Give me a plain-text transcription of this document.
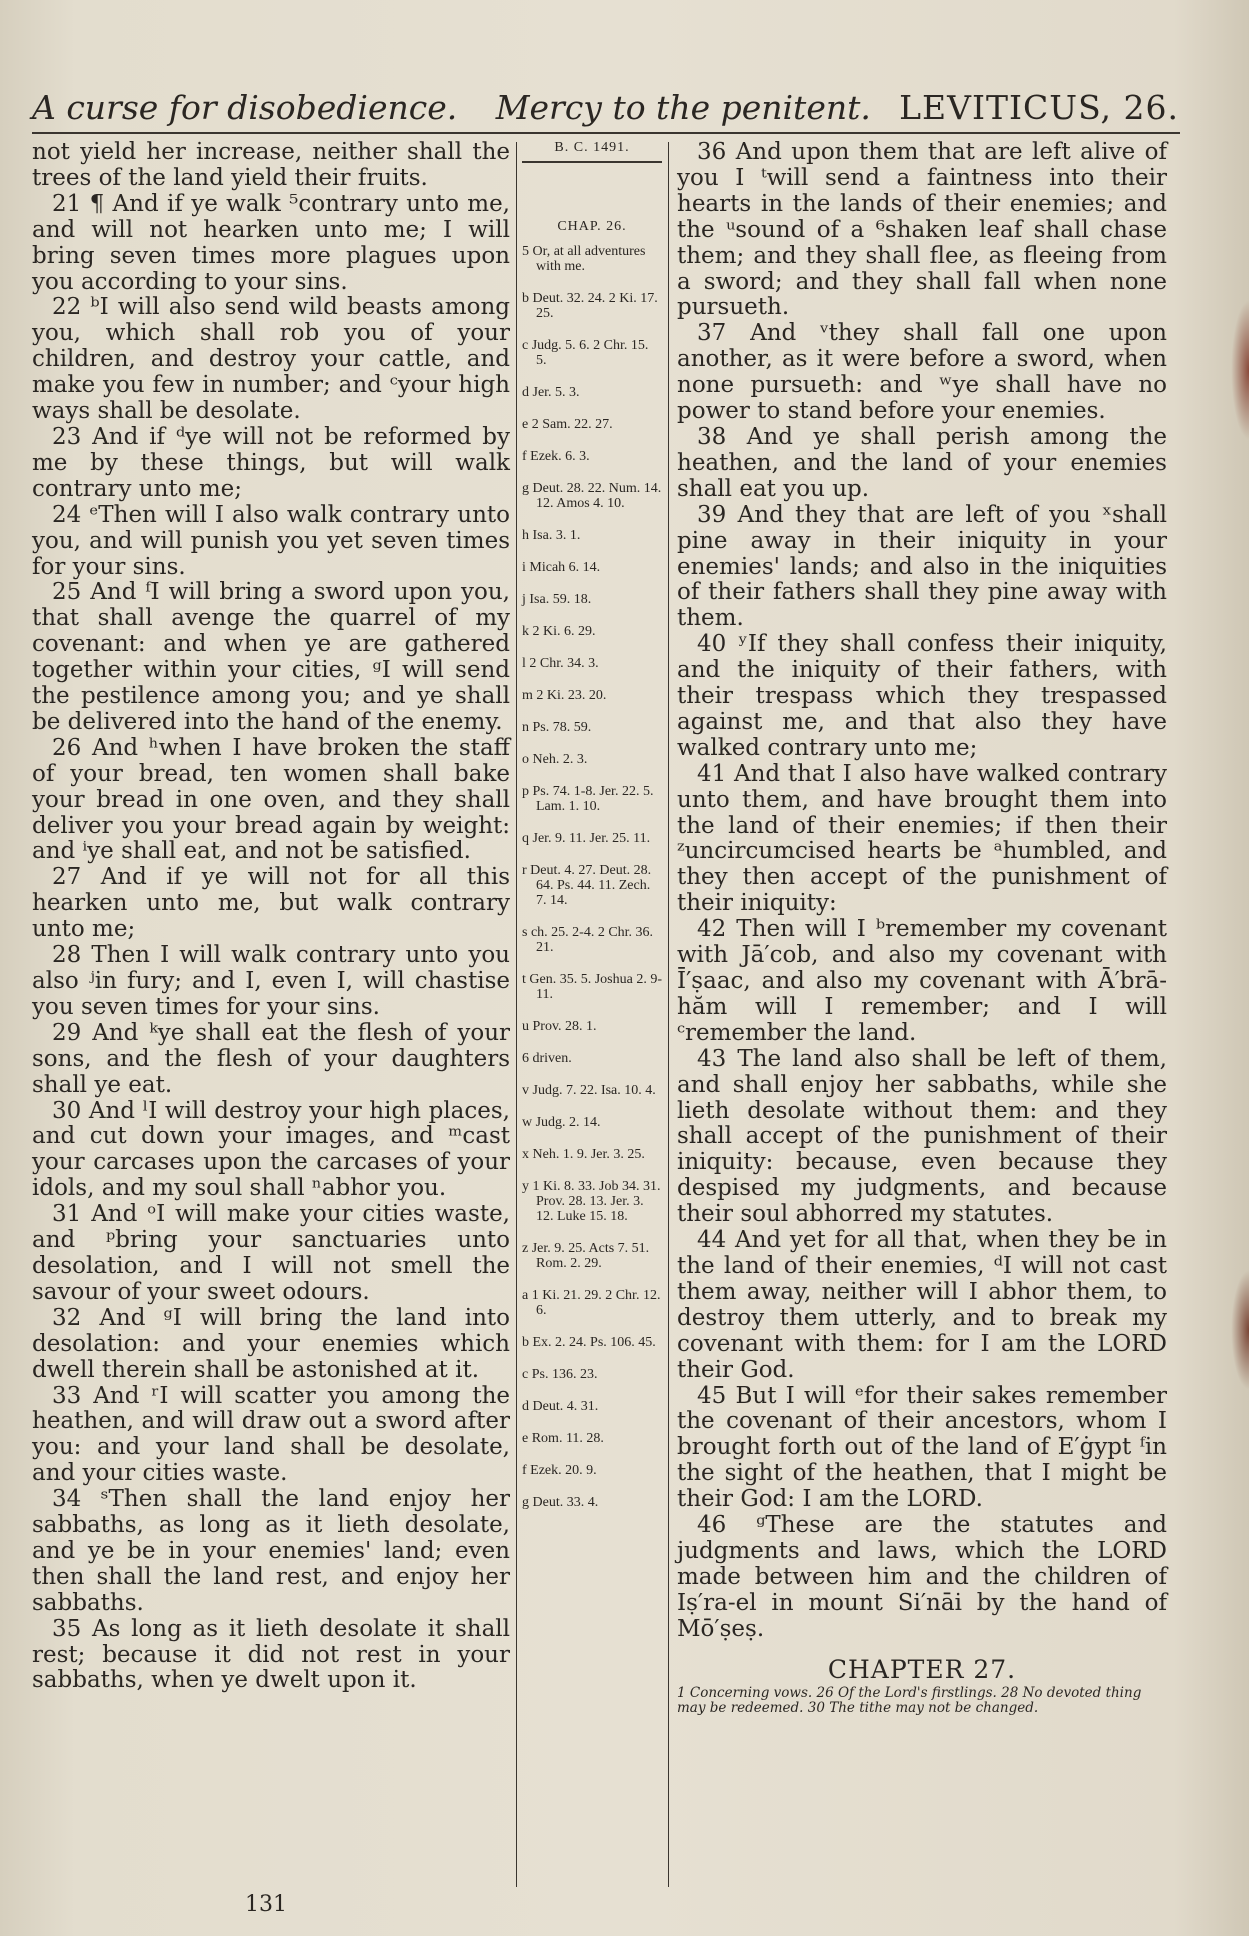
A curse for disobedience. Mercy to the penitent. LEVITICUS, 26.

not yield her increase, neither shall the trees of the land yield their fruits.

21 ¶ And if ye walk ⁵contrary unto me, and will not hearken unto me; I will bring seven times more plagues upon you according to your sins.

22 ᵇI will also send wild beasts among you, which shall rob you of your children, and destroy your cattle, and make you few in number; and ᶜyour high ways shall be desolate.

23 And if ᵈye will not be reformed by me by these things, but will walk contrary unto me;

24 ᵉThen will I also walk contrary unto you, and will punish you yet seven times for your sins.

25 And ᶠI will bring a sword upon you, that shall avenge the quarrel of my covenant: and when ye are gathered together within your cities, ᵍI will send the pestilence among you; and ye shall be delivered into the hand of the enemy.

26 And ʰwhen I have broken the staff of your bread, ten women shall bake your bread in one oven, and they shall deliver you your bread again by weight: and ⁱye shall eat, and not be satisfied.

27 And if ye will not for all this hearken unto me, but walk contrary unto me;

28 Then I will walk contrary unto you also ʲin fury; and I, even I, will chastise you seven times for your sins.

29 And ᵏye shall eat the flesh of your sons, and the flesh of your daughters shall ye eat.

30 And ˡI will destroy your high places, and cut down your images, and ᵐcast your carcases upon the carcases of your idols, and my soul shall ⁿabhor you.

31 And ᵒI will make your cities waste, and ᵖbring your sanctuaries unto desolation, and I will not smell the savour of your sweet odours.

32 And ᵍI will bring the land into desolation: and your enemies which dwell therein shall be astonished at it.

33 And ʳI will scatter you among the heathen, and will draw out a sword after you: and your land shall be desolate, and your cities waste.

34 ˢThen shall the land enjoy her sabbaths, as long as it lieth desolate, and ye be in your enemies' land; even then shall the land rest, and enjoy her sabbaths.

35 As long as it lieth desolate it shall rest; because it did not rest in your sabbaths, when ye dwelt upon it.

B. C. 1491.
CHAP. 26.
5 Or, at all adventures with me.
b Deut. 32. 24. 2 Ki. 17. 25.
c Judg. 5. 6. 2 Chr. 15. 5.
d Jer. 5. 3.
e 2 Sam. 22. 27.
f Ezek. 6. 3.
g Deut. 28. 22. Num. 14. 12. Amos 4. 10.
h Isa. 3. 1.
i Micah 6. 14.
j Isa. 59. 18.
k 2 Ki. 6. 29.
l 2 Chr. 34. 3.
m 2 Ki. 23. 20.
n Ps. 78. 59.
o Neh. 2. 3.
p Ps. 74. 1-8. Jer. 22. 5. Lam. 1. 10.
q Jer. 9. 11. Jer. 25. 11.
r Deut. 4. 27. Deut. 28. 64. Ps. 44. 11. Zech. 7. 14.
s ch. 25. 2-4. 2 Chr. 36. 21.
t Gen. 35. 5. Joshua 2. 9-11.
u Prov. 28. 1.
6 driven.
v Judg. 7. 22. Isa. 10. 4.
w Judg. 2. 14.
x Neh. 1. 9. Jer. 3. 25.
y 1 Ki. 8. 33. Job 34. 31. Prov. 28. 13. Jer. 3. 12. Luke 15. 18.
z Jer. 9. 25. Acts 7. 51. Rom. 2. 29.
a 1 Ki. 21. 29. 2 Chr. 12. 6.
b Ex. 2. 24. Ps. 106. 45.
c Ps. 136. 23.
d Deut. 4. 31.
e Rom. 11. 28.
f Ezek. 20. 9.
g Deut. 33. 4.

36 And upon them that are left alive of you I ᵗwill send a faintness into their hearts in the lands of their enemies; and the ᵘsound of a ⁶shaken leaf shall chase them; and they shall flee, as fleeing from a sword; and they shall fall when none pursueth.

37 And ᵛthey shall fall one upon another, as it were before a sword, when none pursueth: and ʷye shall have no power to stand before your enemies.

38 And ye shall perish among the heathen, and the land of your enemies shall eat you up.

39 And they that are left of you ˣshall pine away in their iniquity in your enemies' lands; and also in the iniquities of their fathers shall they pine away with them.

40 ʸIf they shall confess their iniquity, and the iniquity of their fathers, with their trespass which they trespassed against me, and that also they have walked contrary unto me;

41 And that I also have walked contrary unto them, and have brought them into the land of their enemies; if then their ᶻuncircumcised hearts be ᵃhumbled, and they then accept of the punishment of their iniquity:

42 Then will I ᵇremember my covenant with Jā′cob, and also my covenant with Ī′ṣaac, and also my covenant with Ā′brā-hăm will I remember; and I will ᶜremember the land.

43 The land also shall be left of them, and shall enjoy her sabbaths, while she lieth desolate without them: and they shall accept of the punishment of their iniquity: because, even because they despised my judgments, and because their soul abhorred my statutes.

44 And yet for all that, when they be in the land of their enemies, ᵈI will not cast them away, neither will I abhor them, to destroy them utterly, and to break my covenant with them: for I am the LORD their God.

45 But I will ᵉfor their sakes remember the covenant of their ancestors, whom I brought forth out of the land of E′ġypt ᶠin the sight of the heathen, that I might be their God: I am the LORD.

46 ᵍThese are the statutes and judgments and laws, which the LORD made between him and the children of Iṣ′ra-el in mount Si′nāi by the hand of Mō′ṣeṣ.

CHAPTER 27.
1 Concerning vows. 26 Of the Lord's firstlings. 28 No devoted thing may be redeemed. 30 The tithe may not be changed.
131
